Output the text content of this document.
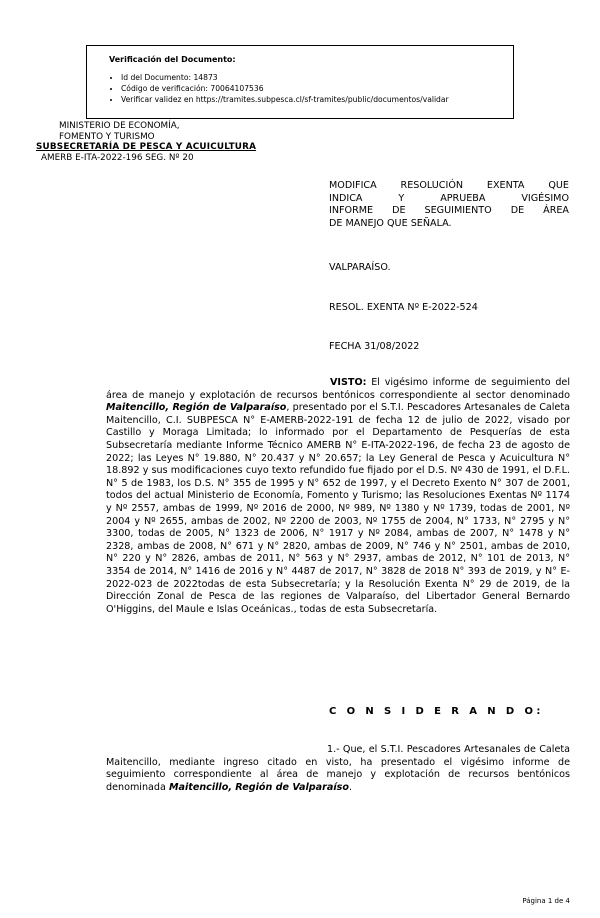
Verificación del Documento:
• Id del Documento: 14873
• Código de verificación: 70064107536
• Verificar validez en https://tramites.subpesca.cl/sf-tramites/public/documentos/validar
MINISTERIO DE ECONOMÍA,
FOMENTO Y TURISMO
SUBSECRETARÍA DE PESCA Y ACUICULTURA
AMERB E-ITA-2022-196 SEG. Nº 20
MODIFICA RESOLUCIÓN EXENTA QUE
INDICA Y APRUEBA VIGÉSIMO
INFORME DE SEGUIMIENTO DE ÁREA
DE MANEJO QUE SEÑALA.
VALPARAÍSO.
RESOL. EXENTA Nº E-2022-524
FECHA 31/08/2022

VISTO: El vigésimo informe de seguimiento del área de manejo y explotación de recursos bentónicos correspondiente al sector denominado Maitencillo, Región de Valparaíso, presentado por el S.T.I. Pescadores Artesanales de Caleta Maitencillo, C.I. SUBPESCA N° E-AMERB-2022-191 de fecha 12 de julio de 2022, visado por Castillo y Moraga Limitada; lo informado por el Departamento de Pesquerías de esta Subsecretaría mediante Informe Técnico AMERB N° E-ITA-2022-196, de fecha 23 de agosto de 2022; las Leyes N° 19.880, N° 20.437 y N° 20.657; la Ley General de Pesca y Acuicultura N° 18.892 y sus modificaciones cuyo texto refundido fue fijado por el D.S. Nº 430 de 1991, el D.F.L. N° 5 de 1983, los D.S. N° 355 de 1995 y N° 652 de 1997, y el Decreto Exento N° 307 de 2001, todos del actual Ministerio de Economía, Fomento y Turismo; las Resoluciones Exentas Nº 1174 y Nº 2557, ambas de 1999, Nº 2016 de 2000, Nº 989, Nº 1380 y Nº 1739, todas de 2001, Nº 2004 y Nº 2655, ambas de 2002, Nº 2200 de 2003, Nº 1755 de 2004, N° 1733, N° 2795 y N° 3300, todas de 2005, N° 1323 de 2006, N° 1917 y Nº 2084, ambas de 2007, N° 1478 y N° 2328, ambas de 2008, N° 671 y N° 2820, ambas de 2009, N° 746 y N° 2501, ambas de 2010, N° 220 y N° 2826, ambas de 2011, N° 563 y N° 2937, ambas de 2012, N° 101 de 2013, N° 3354 de 2014, N° 1416 de 2016 y N° 4487 de 2017, N° 3828 de 2018 N° 393 de 2019, y N° E-2022-023 de 2022todas de esta Subsecretaría; y la Resolución Exenta N° 29 de 2019, de la Dirección Zonal de Pesca de las regiones de Valparaíso, del Libertador General Bernardo O'Higgins, del Maule e Islas Oceánicas., todas de esta Subsecretaría.

C O N S I D E R A N D O:

1.- Que, el S.T.I. Pescadores Artesanales de Caleta Maitencillo, mediante ingreso citado en visto, ha presentado el vigésimo informe de seguimiento correspondiente al área de manejo y explotación de recursos bentónicos denominada Maitencillo, Región de Valparaíso.

Página 1 de 4
